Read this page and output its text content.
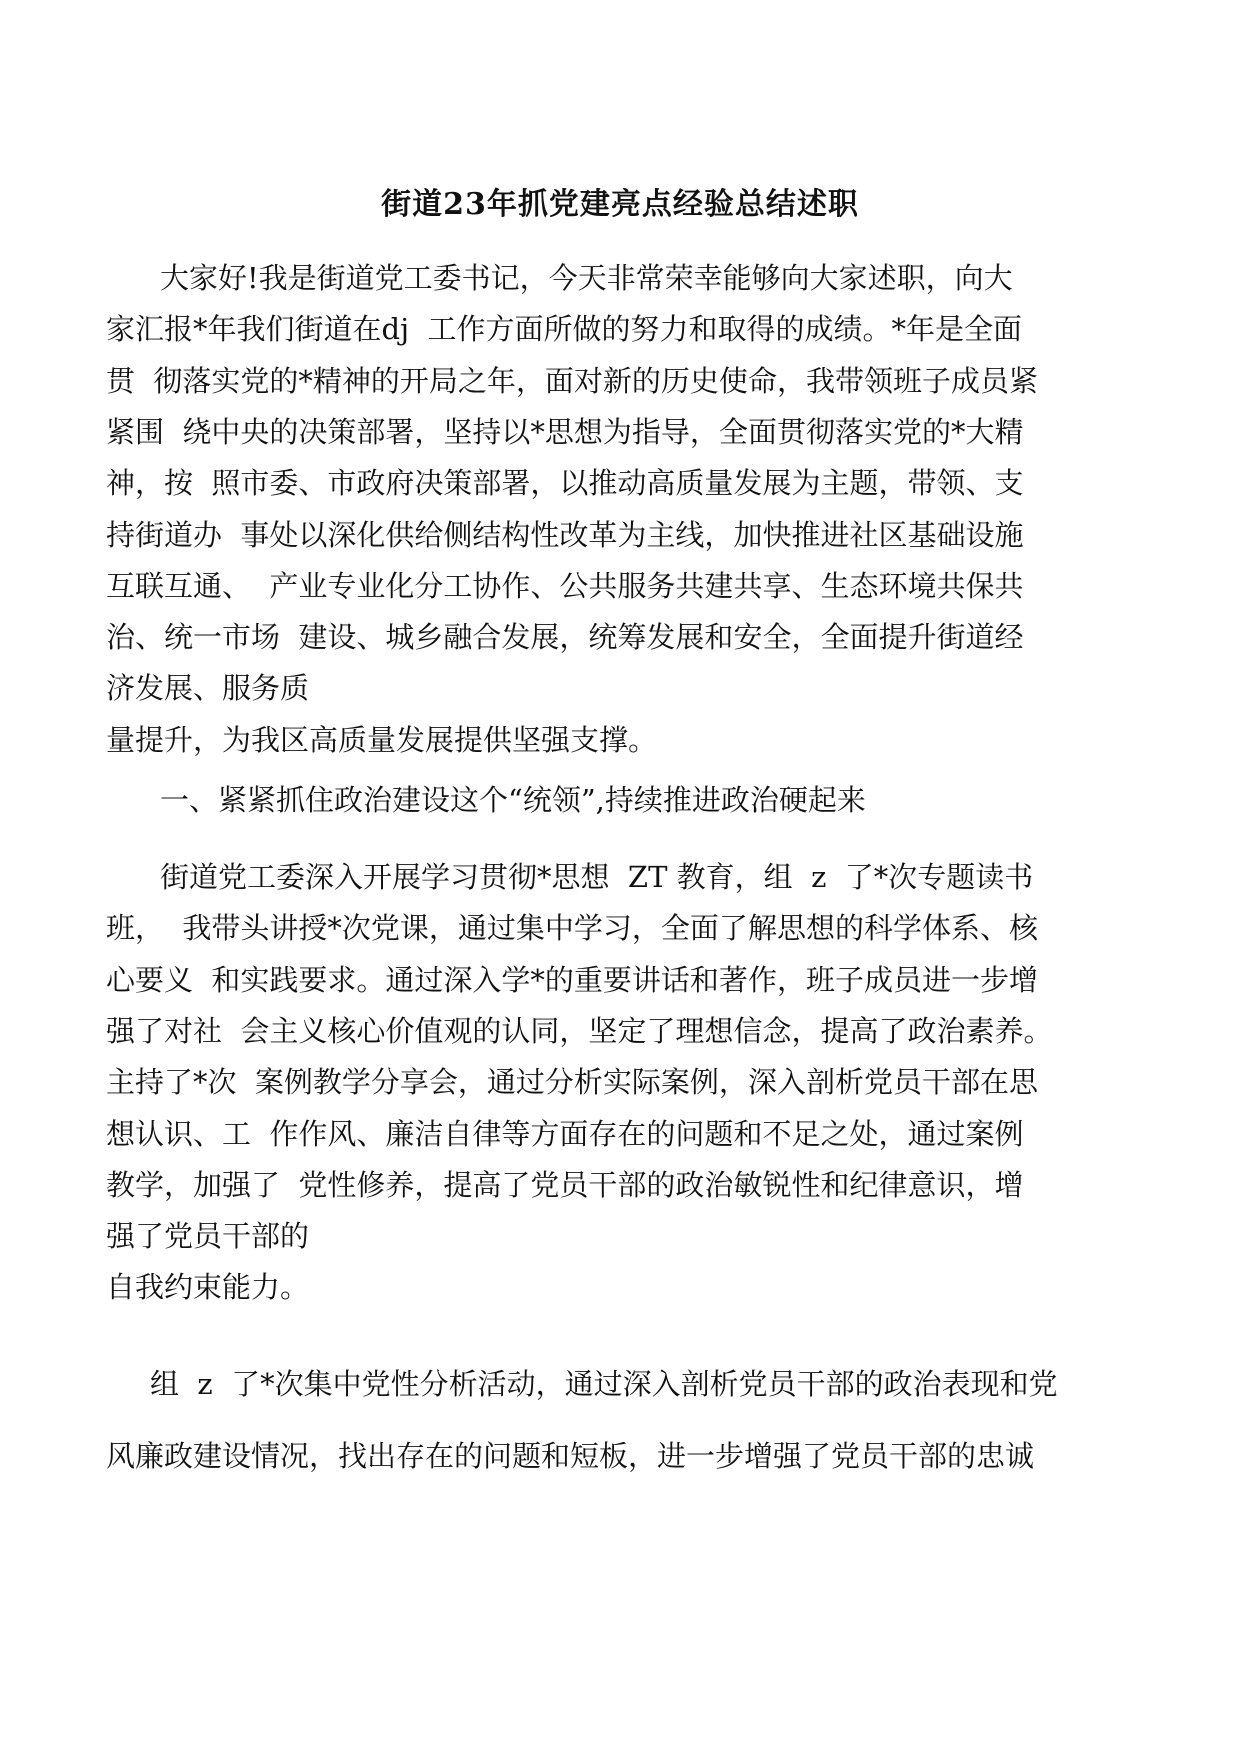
街道23年抓党建亮点经验总结述职
大家好!我是街道党工委书记，今天非常荣幸能够向大家述职，向大
家汇报*年我们街道在dj  工作方面所做的努力和取得的成绩。*年是全面
贯  彻落实党的*精神的开局之年，面对新的历史使命，我带领班子成员紧
紧围  绕中央的决策部署，坚持以*思想为指导，全面贯彻落实党的*大精
神，按  照市委、市政府决策部署，以推动高质量发展为主题，带领、支
持街道办  事处以深化供给侧结构性改革为主线，加快推进社区基础设施
互联互通、  产业专业化分工协作、公共服务共建共享、生态环境共保共
治、统一市场  建设、城乡融合发展，统筹发展和安全，全面提升街道经
济发展、服务质
量提升，为我区高质量发展提供坚强支撑。
一、紧紧抓住政治建设这个“统领”,持续推进政治硬起来
街道党工委深入开展学习贯彻*思想  ZT 教育，组  z  了*次专题读书
班，  我带头讲授*次党课，通过集中学习，全面了解思想的科学体系、核
心要义  和实践要求。通过深入学*的重要讲话和著作，班子成员进一步增
强了对社  会主义核心价值观的认同，坚定了理想信念，提高了政治素养。
主持了*次  案例教学分享会，通过分析实际案例，深入剖析党员干部在思
想认识、工  作作风、廉洁自律等方面存在的问题和不足之处，通过案例
教学，加强了  党性修养，提高了党员干部的政治敏锐性和纪律意识，增
强了党员干部的
自我约束能力。
组  z  了*次集中党性分析活动，通过深入剖析党员干部的政治表现和党
风廉政建设情况，找出存在的问题和短板，进一步增强了党员干部的忠诚
